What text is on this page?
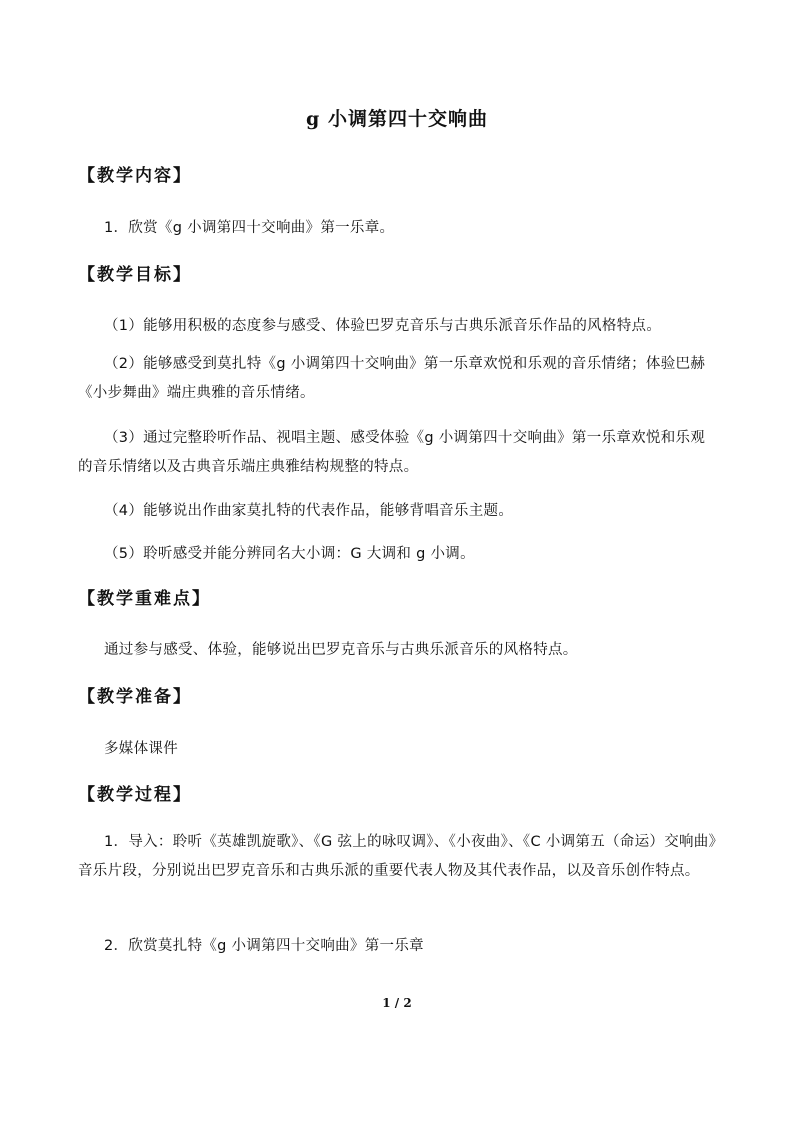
g 小调第四十交响曲
【教学内容】
1．欣赏《g 小调第四十交响曲》第一乐章。
【教学目标】
（1）能够用积极的态度参与感受、体验巴罗克音乐与古典乐派音乐作品的风格特点。
（2）能够感受到莫扎特《g 小调第四十交响曲》第一乐章欢悦和乐观的音乐情绪；体验巴赫《小步舞曲》端庄典雅的音乐情绪。
（3）通过完整聆听作品、视唱主题、感受体验《g 小调第四十交响曲》第一乐章欢悦和乐观的音乐情绪以及古典音乐端庄典雅结构规整的特点。
（4）能够说出作曲家莫扎特的代表作品，能够背唱音乐主题。
（5）聆听感受并能分辨同名大小调：G 大调和 g 小调。
【教学重难点】
通过参与感受、体验，能够说出巴罗克音乐与古典乐派音乐的风格特点。
【教学准备】
多媒体课件
【教学过程】
1．导入：聆听《英雄凯旋歌》、《G 弦上的咏叹调》、《小夜曲》、《C 小调第五（命运）交响曲》音乐片段，分别说出巴罗克音乐和古典乐派的重要代表人物及其代表作品，以及音乐创作特点。
2．欣赏莫扎特《g 小调第四十交响曲》第一乐章
1 / 2
